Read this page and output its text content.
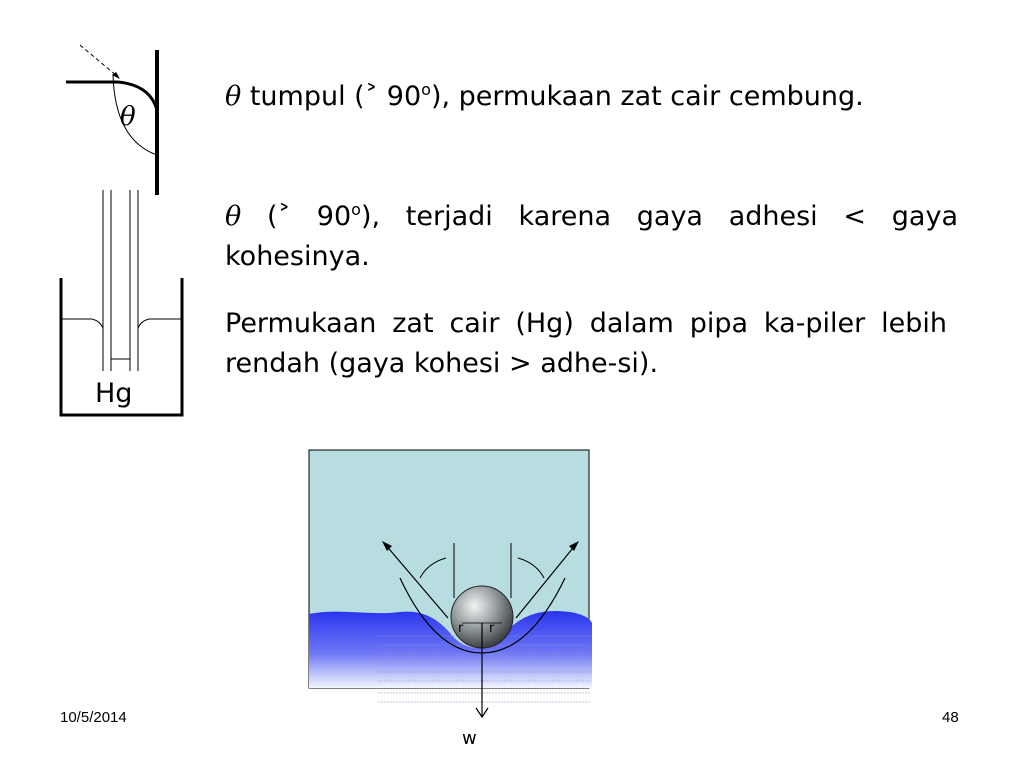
θ tumpul (˃ 90$^o$), permukaan zat cair cembung.

θ (˃ 90$^o$), terjadi karena gaya adhesi < gaya kohesinya.

Permukaan zat cair (Hg) dalam pipa ka-piler lebih rendah (gaya kohesi > adhe-si).

θ
Hg
r r
w
10/5/2014	48
